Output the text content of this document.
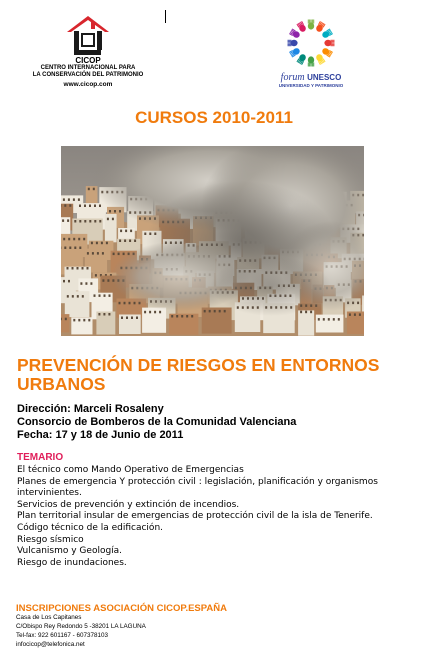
CICOP
CENTRO INTERNACIONAL PARA
LA CONSERVACIÓN DEL PATRIMONIO
www.cicop.com
forum UNESCO
UNIVERSIDAD Y PATRIMONIO
CURSOS 2010-2011
PREVENCIÓN DE RIESGOS EN ENTORNOS URBANOS
Dirección: Marceli Rosaleny
Consorcio de Bomberos de la Comunidad Valenciana
Fecha: 17 y 18 de Junio de 2011
TEMARIO
El técnico como Mando Operativo de Emergencias
Planes de emergencia Y protección civil : legislación, planificación y organismos
intervinientes.
Servicios de prevención y extinción de incendios.
Plan territorial insular de emergencias de protección civil de la isla de Tenerife.
Código técnico de la edificación.
Riesgo sísmico
Vulcanismo y Geología.
Riesgo de inundaciones.
INSCRIPCIONES ASOCIACIÓN CICOP.ESPAÑA
Casa de Los Capitanes
C/Obispo Rey Redondo 5 -38201 LA LAGUNA
Tel-fax: 922 601167 - 607378103
infocicop@telefonica.net
